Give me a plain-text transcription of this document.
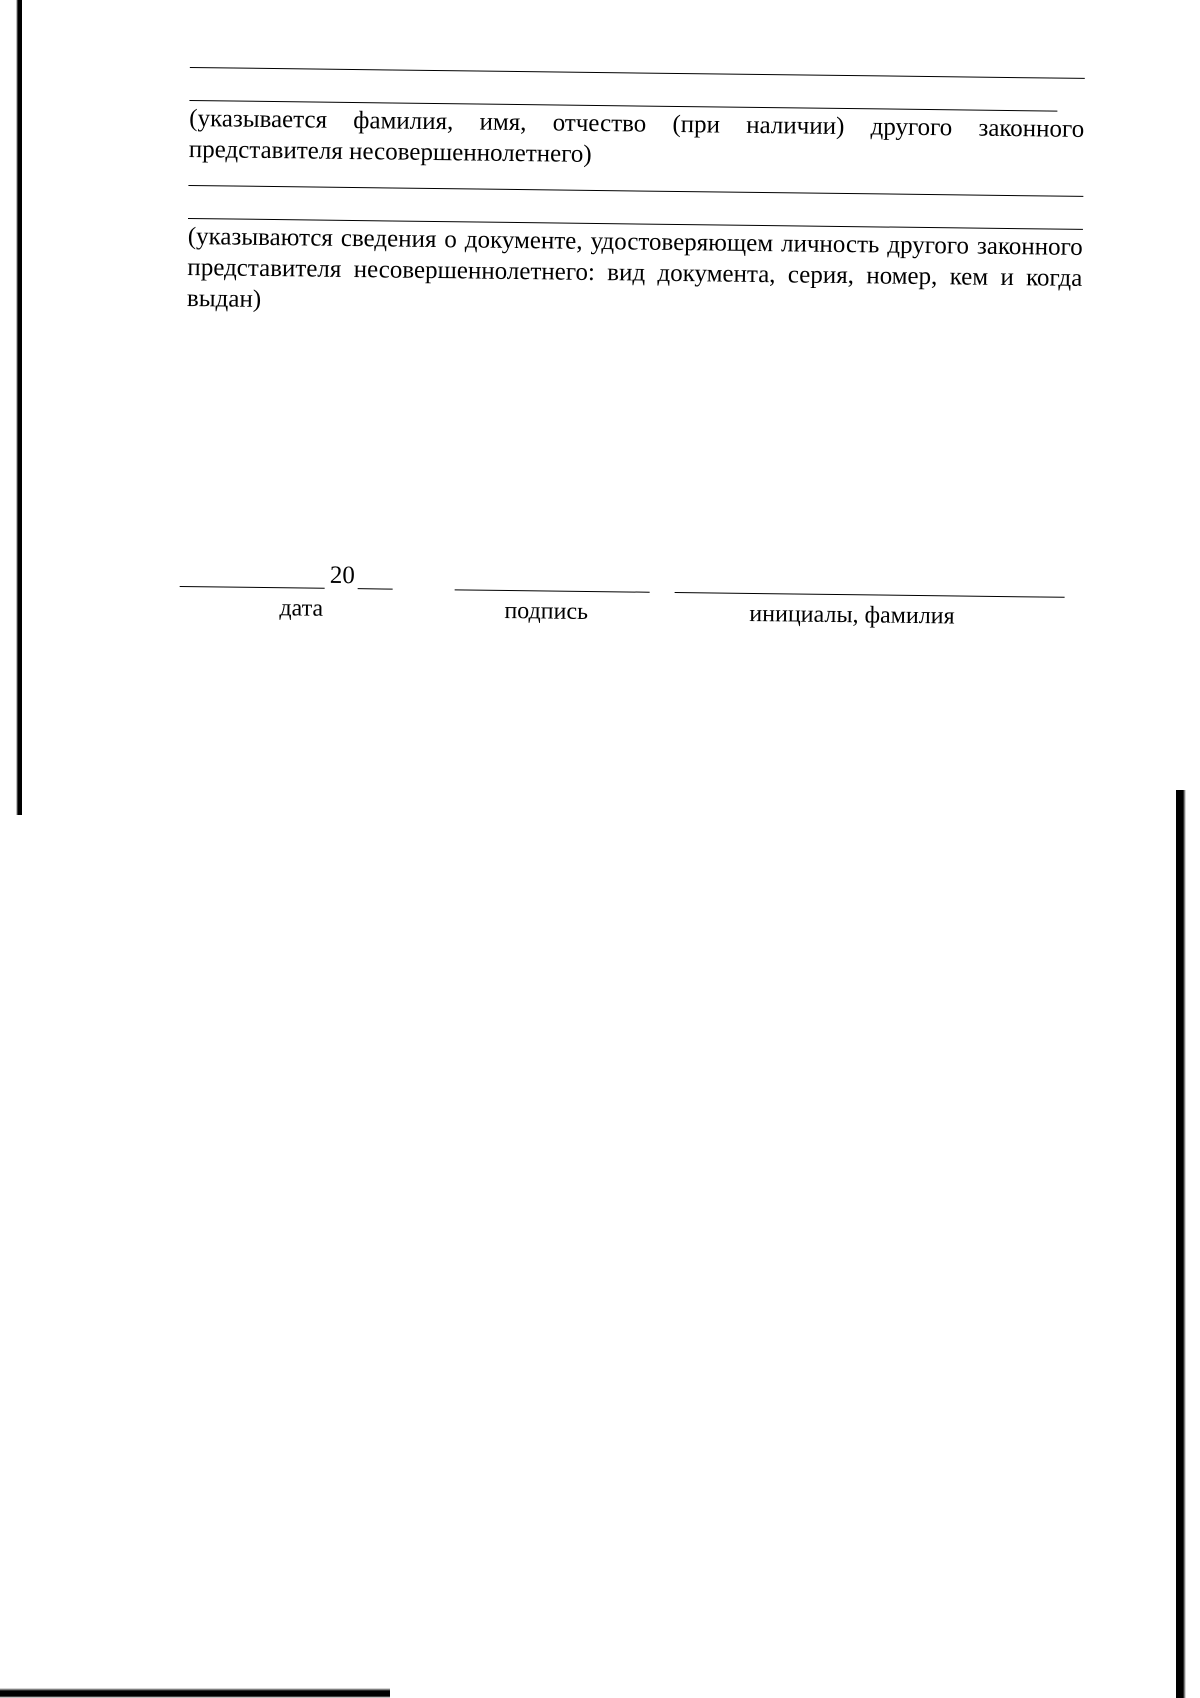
(указывается фамилия, имя, отчество (при наличии) другого законного представителя несовершеннолетнего)

(указываются сведения о документе, удостоверяющем личность другого законного представителя несовершеннолетнего: вид документа, серия, номер, кем и когда выдан)

20
дата	подпись	инициалы, фамилия
